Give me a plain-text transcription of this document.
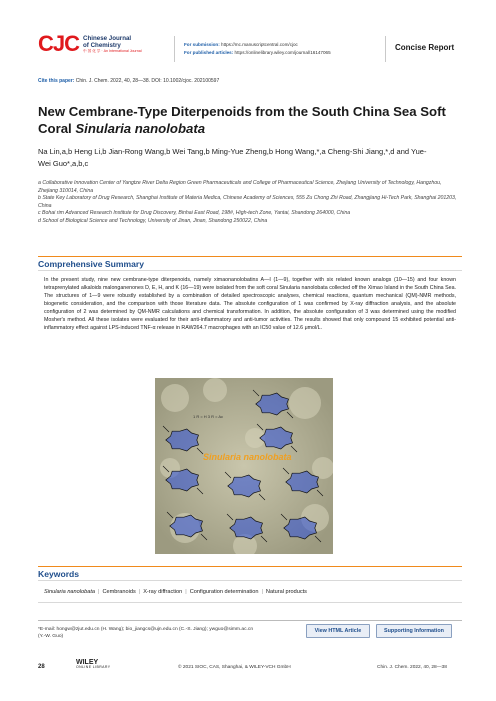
CJC Chinese Journal
of Chemistry
中 国 化 学 · An International Journal
For submission: https://mc.manuscriptcentral.com/cjoc
For published articles: https://onlinelibrary.wiley.com/journal/16147065
Concise Report
Cite this paper: Chin. J. Chem. 2022, 40, 28—38. DOI: 10.1002/cjoc. 202100597
New Cembrane-Type Diterpenoids from the South China Sea Soft
Coral Sinularia nanolobata
Na Lin,a,b Heng Li,b Jian-Rong Wang,b Wei Tang,b Ming-Yue Zheng,b Hong Wang,*,a Cheng-Shi Jiang,*,d and Yue-Wei Guo*,a,b,c
a Collaborative Innovation Center of Yangtze River Delta Region Green Pharmaceuticals and College of Pharmaceutical Science, Zhejiang University of Technology, Hangzhou, Zhejiang 310014, China
b State Key Laboratory of Drug Research, Shanghai Institute of Materia Medica, Chinese Academy of Sciences, 555 Zu Chong Zhi Road, Zhangjiang Hi-Tech Park, Shanghai 201203, China
c Bohai rim Advanced Research Institute for Drug Discovery, Binhai East Road, 198#, High-tech Zone, Yantai, Shandong 264000, China
d School of Biological Science and Technology, University of Jinan, Jinan, Shandong 250022, China
Comprehensive Summary
In the present study, nine new cembrane-type diterpenoids, namely ximaonanolobatins A—I (1—9), together with six related known analogs (10—15) and four known tetraprenylated alkaloids malonganenones D, E, H, and K (16—19) were isolated from the soft coral Sinularia nanolobata collected off the Ximao Island in the South China Sea. The structures of 1—9 were robustly established by a combination of detailed spectroscopic analyses, chemical reactions, quantum mechanical (QM)-NMR methods, biogenetic consideration, and the comparison with those literature data. The absolute configuration of 1 was confirmed by X-ray diffraction analysis, and the absolute configuration of 2 was determined by QM-NMR calculations and chemical transformation. In addition, the absolute configuration of 3 was determined using the modified Mosher's method. All these isolates were evaluated for their anti-inflammatory and anti-tumor activities. The results showed that only compound 15 exhibited potential anti-inflammatory effect against LPS-induced TNF-α release in RAW264.7 macrophages with an IC50 value of 12.6 μmol/L.
Sinularia nanolobata
1 R = H 3 R = Ac
Keywords
Sinularia nanolobata | Cembranoids | X-ray diffraction | Configuration determination | Natural products
*E-mail: hongw@zjut.edu.cn (H. Wang); bio_jiangcs@ujn.edu.cn (C.-S. Jiang); ywguo@simm.ac.cn (Y.-W. Guo)
View HTML Article	Supporting Information
28
WILEY
ONLINE LIBRARY	© 2021 SIOC, CAS, Shanghai, & WILEY-VCH GmbH	Chin. J. Chem. 2022, 40, 28—38
